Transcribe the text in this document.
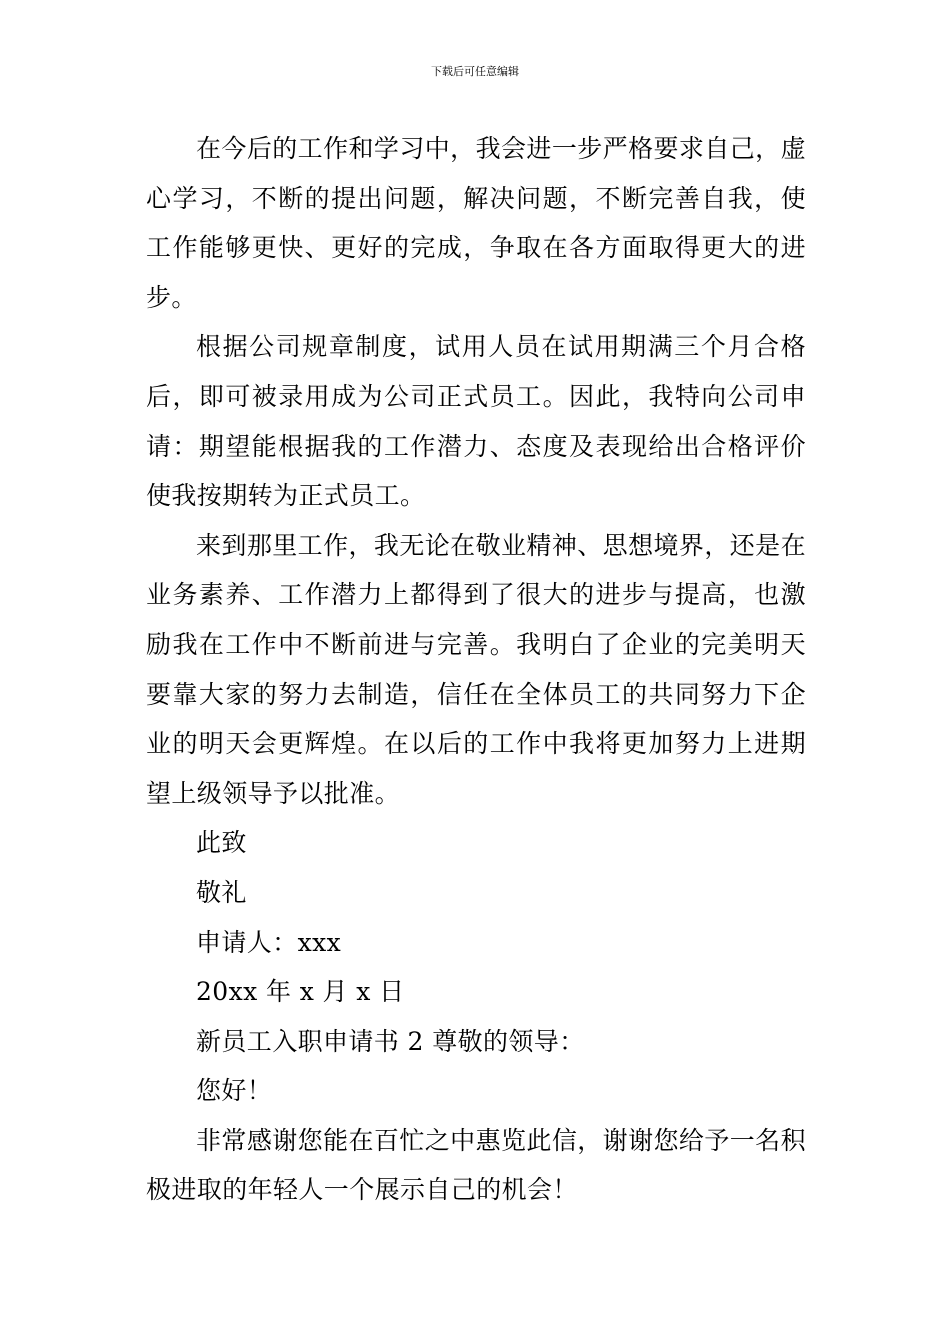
下载后可任意编辑

在今后的工作和学习中，我会进一步严格要求自己，虚心学习，不断的提出问题，解决问题，不断完善自我，使工作能够更快、更好的完成，争取在各方面取得更大的进步。

根据公司规章制度，试用人员在试用期满三个月合格后，即可被录用成为公司正式员工。因此，我特向公司申请：期望能根据我的工作潜力、态度及表现给出合格评价使我按期转为正式员工。

来到那里工作，我无论在敬业精神、思想境界，还是在业务素养、工作潜力上都得到了很大的进步与提高，也激励我在工作中不断前进与完善。我明白了企业的完美明天要靠大家的努力去制造，信任在全体员工的共同努力下企业的明天会更辉煌。在以后的工作中我将更加努力上进期望上级领导予以批准。

此致

敬礼

申请人：xxx

20xx 年 x 月 x 日

新员工入职申请书 2 尊敬的领导：

您好！

非常感谢您能在百忙之中惠览此信，谢谢您给予一名积极进取的年轻人一个展示自己的机会！
